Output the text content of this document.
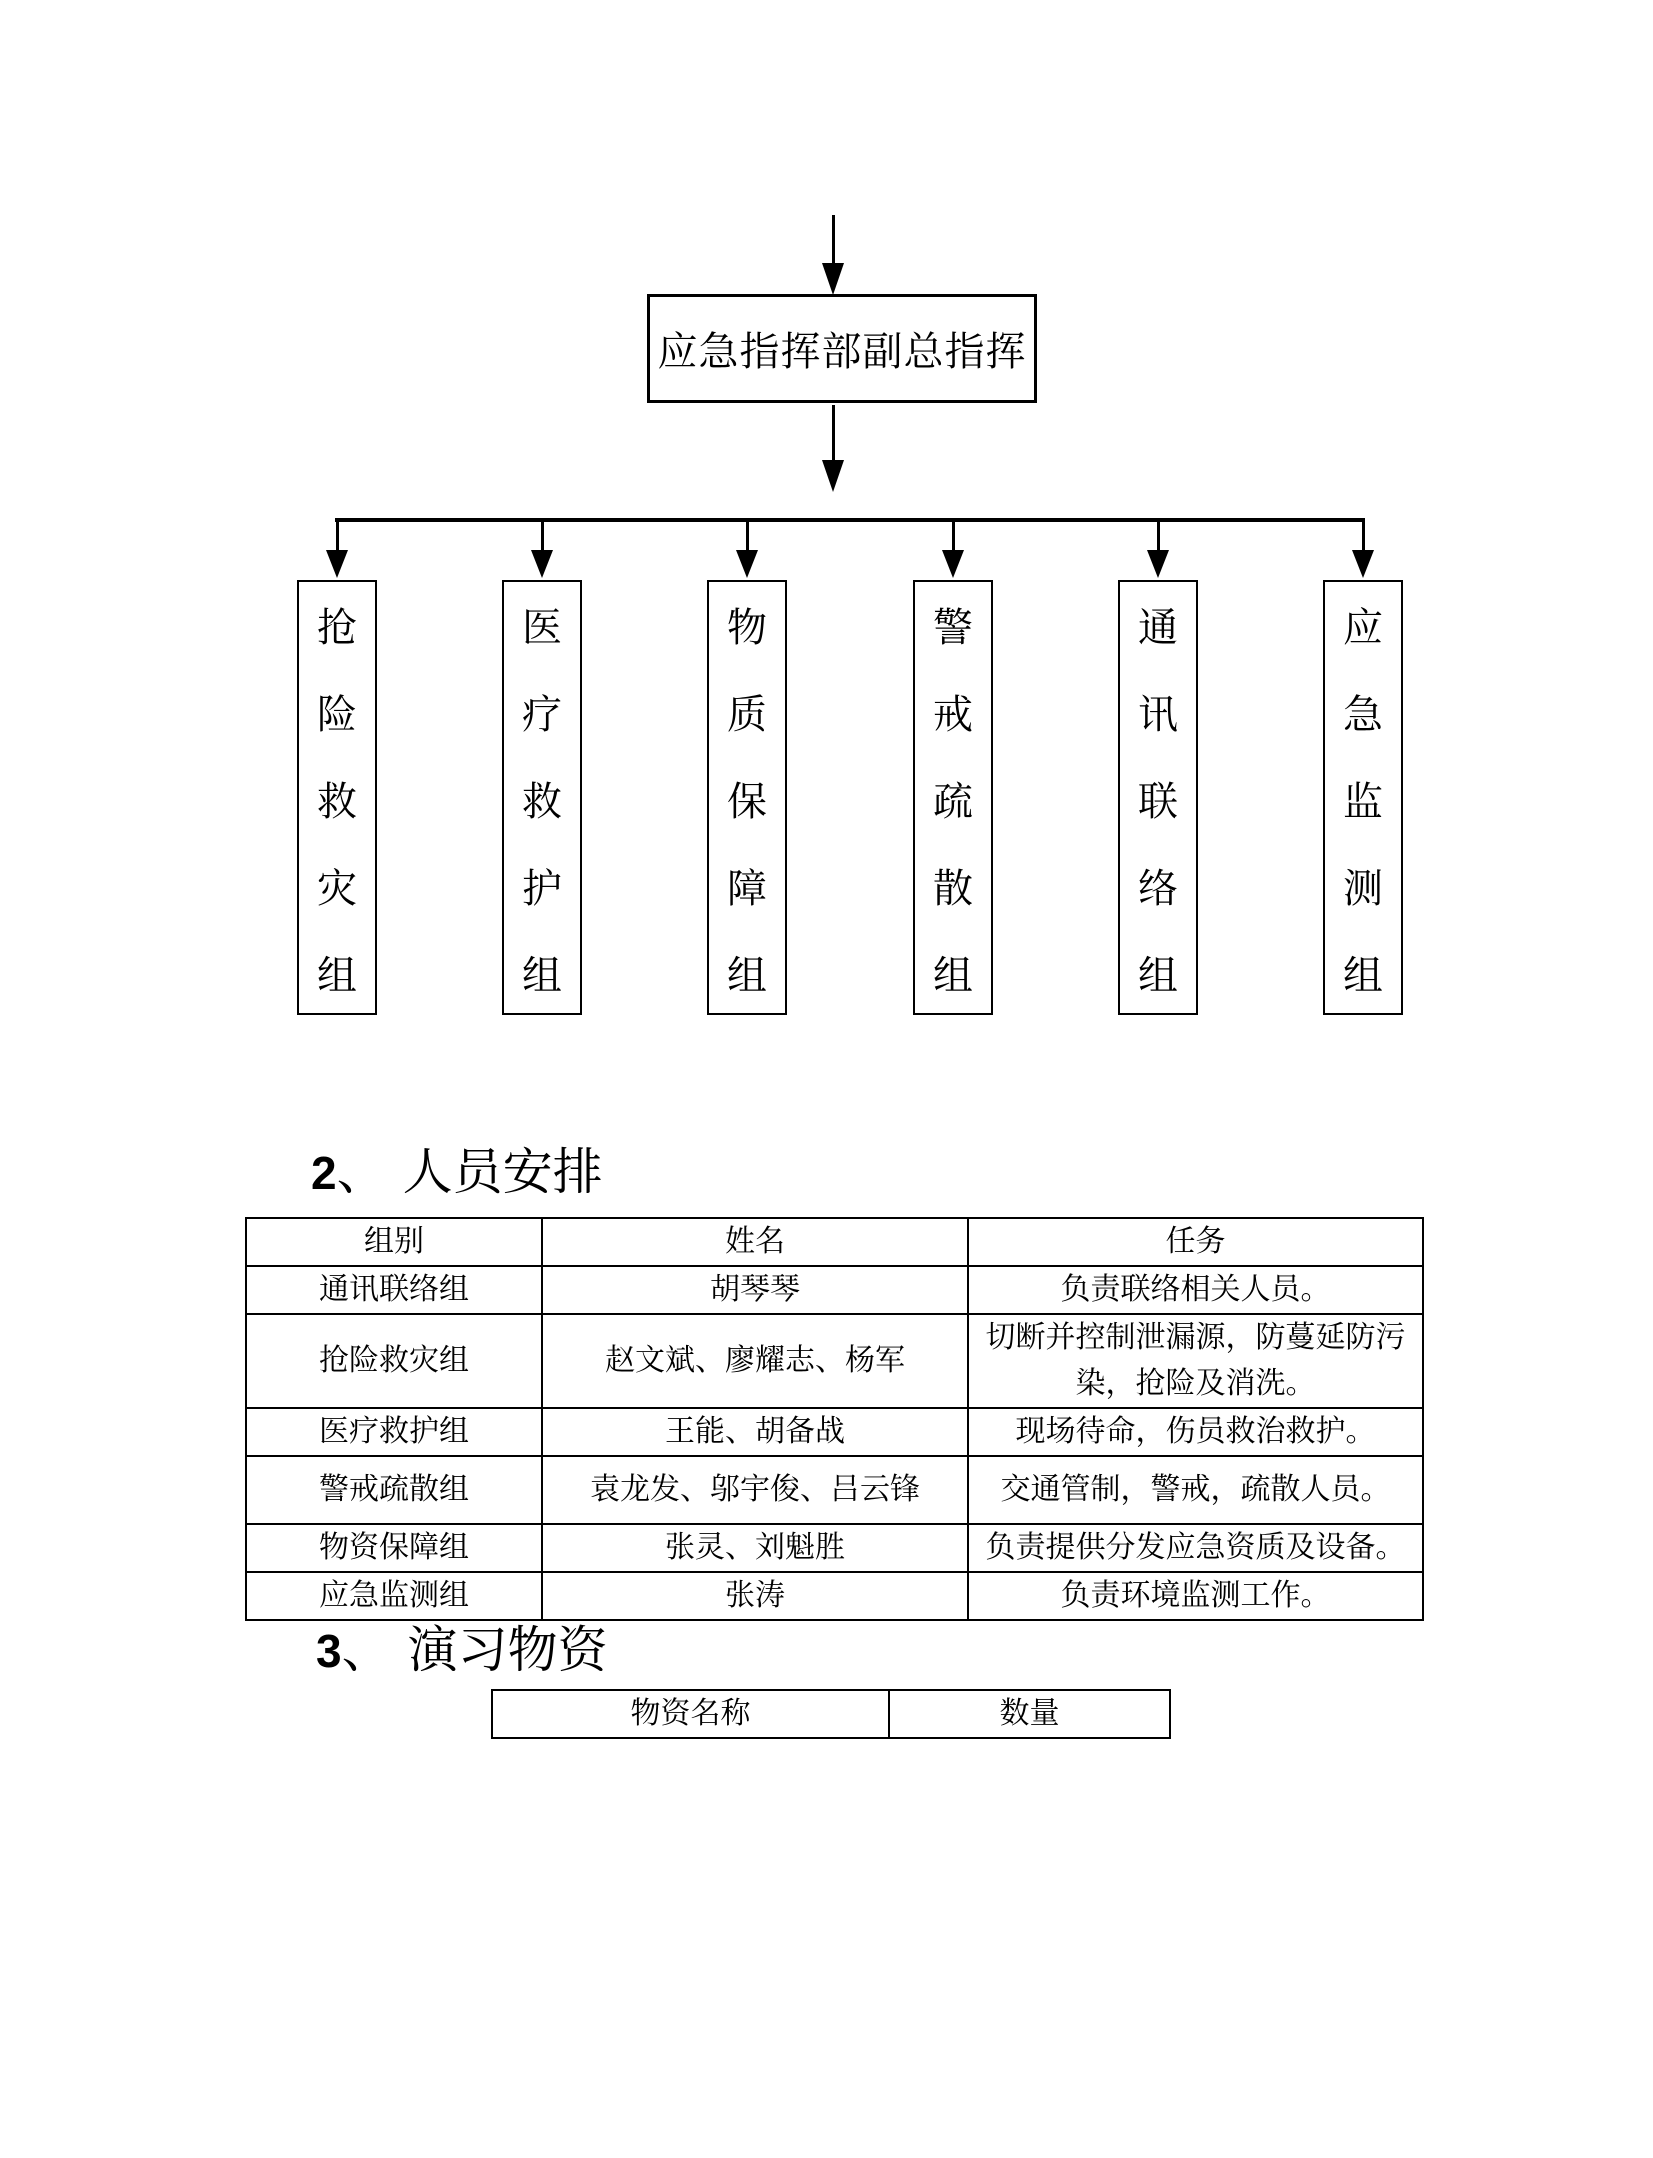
应急指挥部副总指挥
抢
险
救
灾
组
医
疗
救
护
组
物
质
保
障
组
警
戒
疏
散
组
通
讯
联
络
组
应
急
监
测
组
2、 人员安排
组别	姓名	任务
通讯联络组	胡琴琴	负责联络相关人员。
抢险救灾组	赵文斌、廖耀志、杨军	切断并控制泄漏源，防蔓延防污染，抢险及消洗。
医疗救护组	王能、胡备战	现场待命，伤员救治救护。
警戒疏散组	袁龙发、邬宇俊、吕云锋	交通管制，警戒，疏散人员。
物资保障组	张灵、刘魁胜	负责提供分发应急资质及设备。
应急监测组	张涛	负责环境监测工作。
3、 演习物资
物资名称	数量
